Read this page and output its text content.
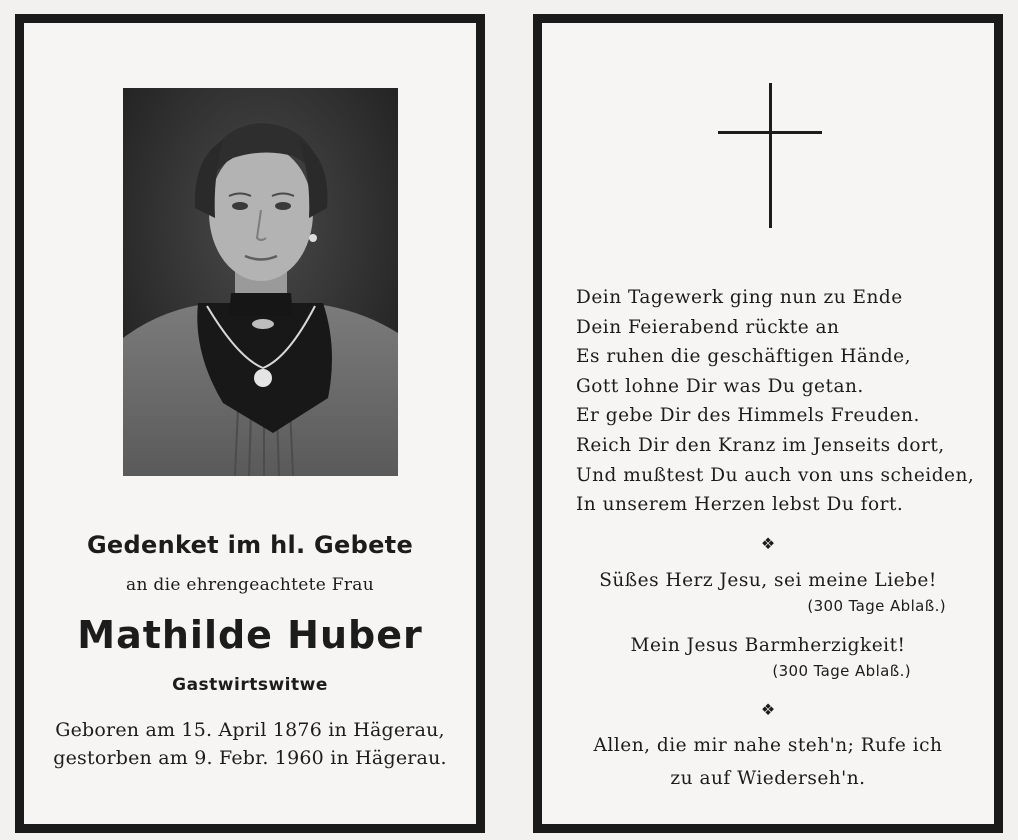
Gedenket im hl. Gebete
an die ehrengeachtete Frau
Mathilde Huber
Gastwirtswitwe
Geboren am 15. April 1876 in Hägerau,
gestorben am 9. Febr. 1960 in Hägerau.
Dein Tagewerk ging nun zu Ende
Dein Feierabend rückte an
Es ruhen die geschäftigen Hände,
Gott lohne Dir was Du getan.
Er gebe Dir des Himmels Freuden.
Reich Dir den Kranz im Jenseits dort,
Und mußtest Du auch von uns scheiden,
In unserem Herzen lebst Du fort.
❖
Süßes Herz Jesu, sei meine Liebe!
(300 Tage Ablaß.)
Mein Jesus Barmherzigkeit!
(300 Tage Ablaß.)
❖
Allen, die mir nahe steh'n; Rufe ich
zu auf Wiederseh'n.
